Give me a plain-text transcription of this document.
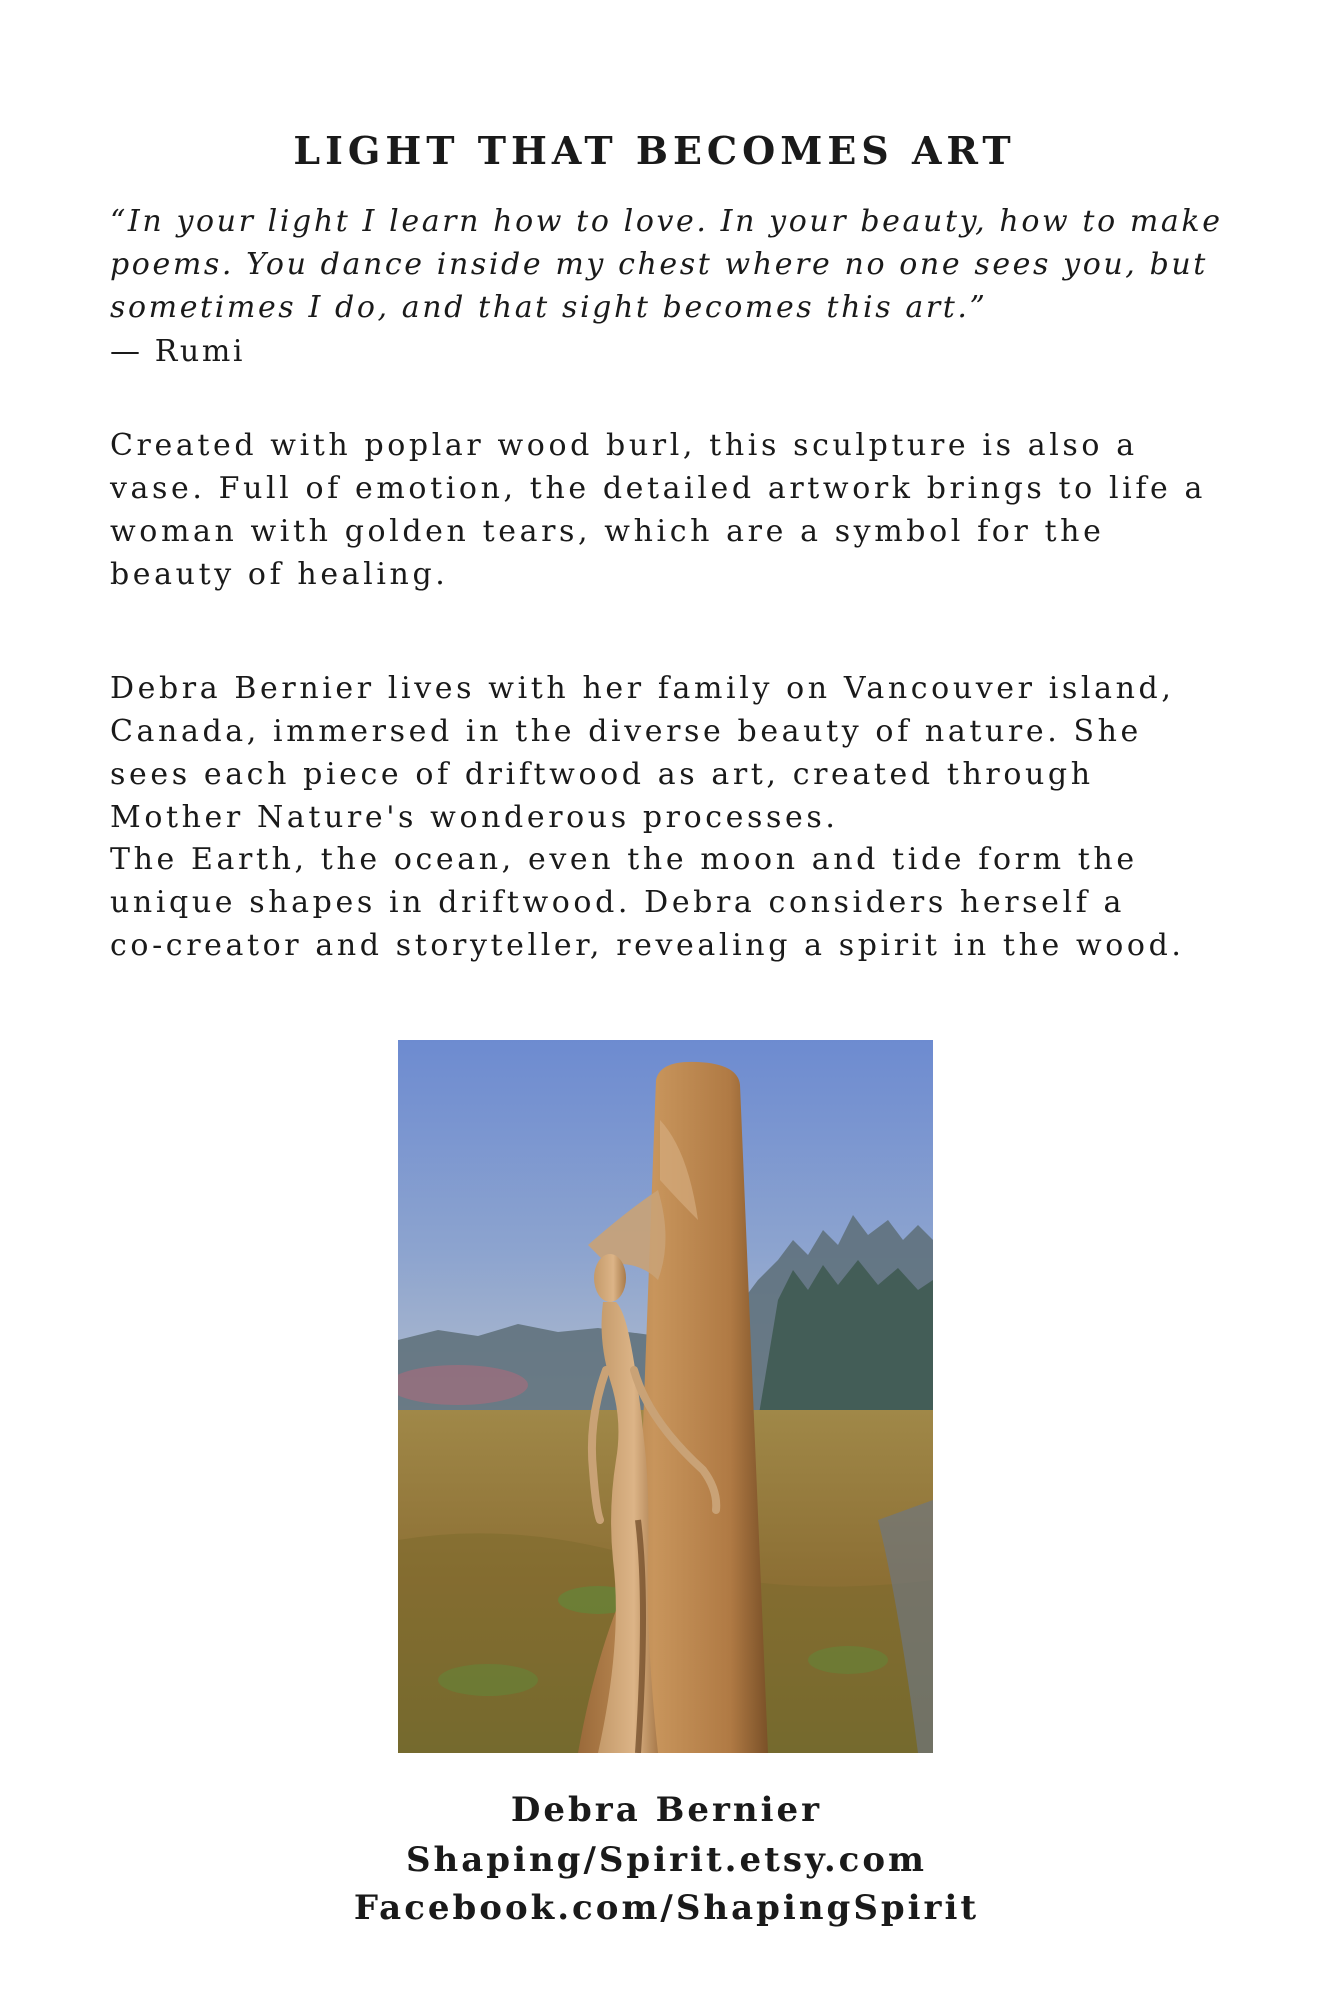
LIGHT THAT BECOMES ART
“In your light I learn how to love. In your beauty, how to make
poems. You dance inside my chest where no one sees you, but
sometimes I do, and that sight becomes this art.”
— Rumi
Created with poplar wood burl, this sculpture is also a
vase. Full of emotion, the detailed artwork brings to life a
woman with golden tears, which are a symbol for the
beauty of healing.
Debra Bernier lives with her family on Vancouver island,
Canada, immersed in the diverse beauty of nature. She
sees each piece of driftwood as art, created through
Mother Nature's wonderous processes.
The Earth, the ocean, even the moon and tide form the
unique shapes in driftwood. Debra considers herself a
co-creator and storyteller, revealing a spirit in the wood.
Debra Bernier
Shaping/Spirit.etsy.com
Facebook.com/ShapingSpirit
